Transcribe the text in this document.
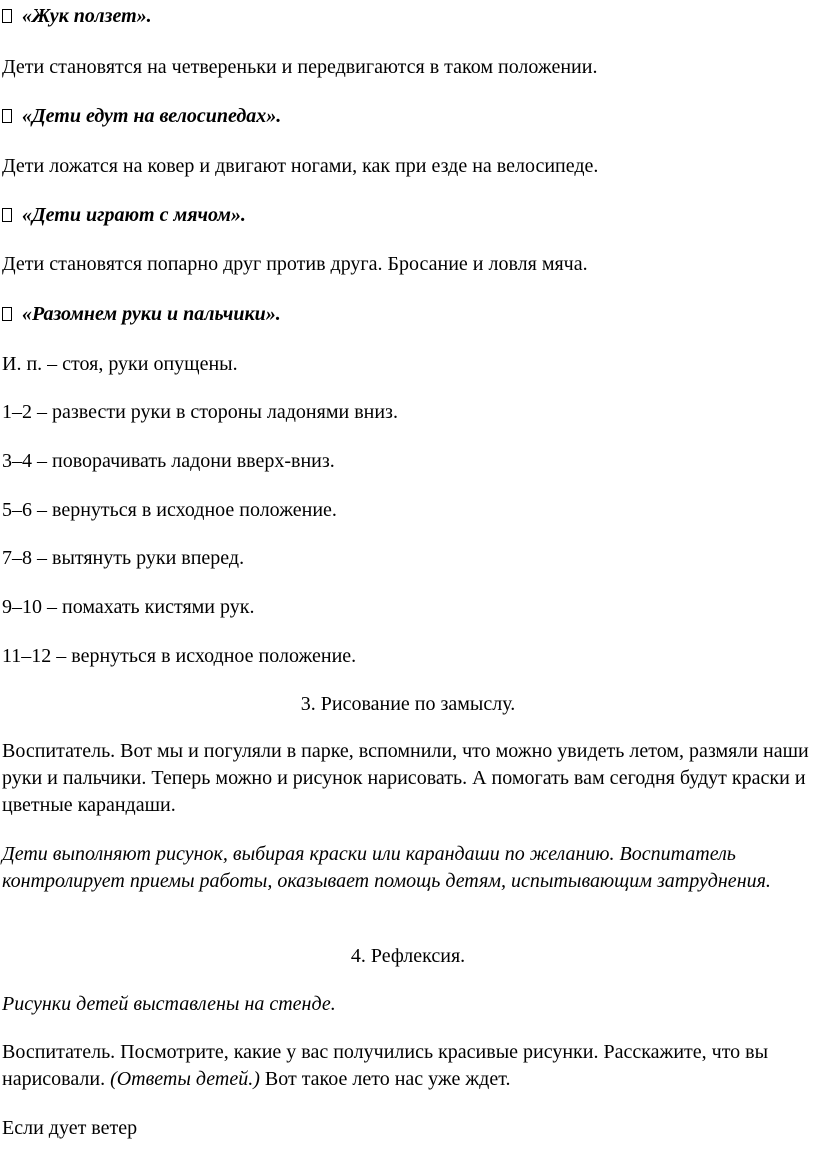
«Жук ползет».
Дети становятся на четвереньки и передвигаются в таком положении.
«Дети едут на велосипедах».
Дети ложатся на ковер и двигают ногами, как при езде на велосипеде.
«Дети играют с мячом».
Дети становятся попарно друг против друга. Бросание и ловля мяча.
«Разомнем руки и пальчики».
И. п. – стоя, руки опущены.
1–2 – развести руки в стороны ладонями вниз.
3–4 – поворачивать ладони вверх-вниз.
5–6 – вернуться в исходное положение.
7–8 – вытянуть руки вперед.
9–10 – помахать кистями рук.
11–12 – вернуться в исходное положение.
3. Рисование по замыслу.
Воспитатель. Вот мы и погуляли в парке, вспомнили, что можно увидеть летом, размяли наши руки и пальчики. Теперь можно и рисунок нарисовать. А помогать вам сегодня будут краски и цветные карандаши.
Дети выполняют рисунок, выбирая краски или карандаши по желанию. Воспитатель контролирует приемы работы, оказывает помощь детям, испытывающим затруднения.
4. Рефлексия.
Рисунки детей выставлены на стенде.
Воспитатель. Посмотрите, какие у вас получились красивые рисунки. Расскажите, что вы нарисовали. (Ответы детей.) Вот такое лето нас уже ждет.
Если дует ветер
